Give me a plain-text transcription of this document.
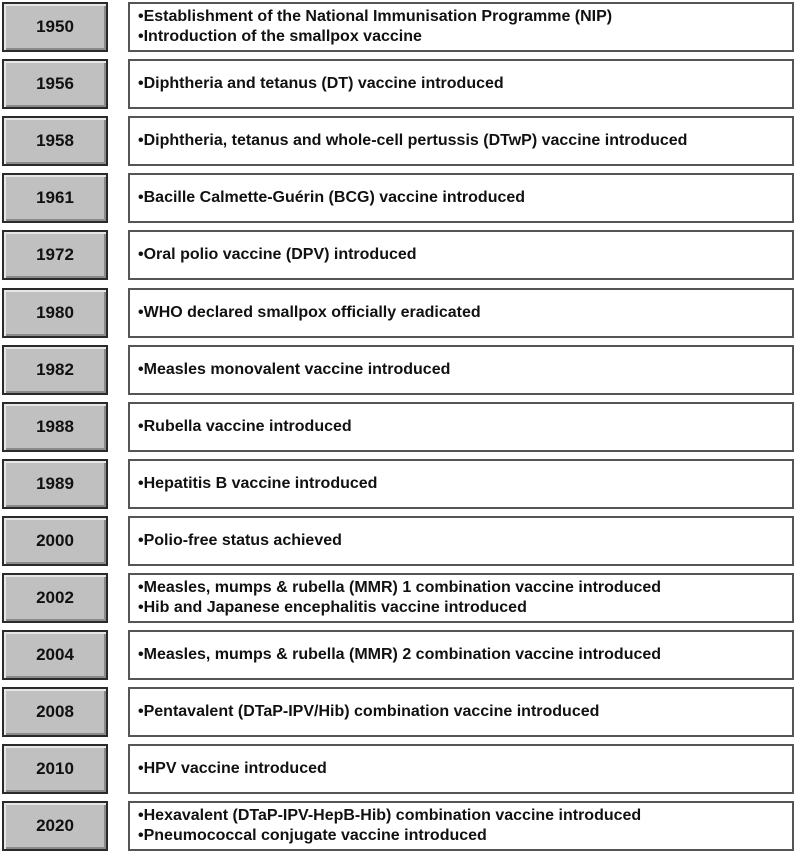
1950
•Establishment of the National Immunisation Programme (NIP)
•Introduction of the smallpox vaccine
1956	•Diphtheria and tetanus (DT) vaccine introduced
1958	•Diphtheria, tetanus and whole-cell pertussis (DTwP) vaccine introduced
1961	•Bacille Calmette-Guérin (BCG) vaccine introduced
1972	•Oral polio vaccine (DPV) introduced
1980	•WHO declared smallpox officially eradicated
1982	•Measles monovalent vaccine introduced
1988	•Rubella vaccine introduced
1989	•Hepatitis B vaccine introduced
2000	•Polio-free status achieved
2002
•Measles, mumps & rubella (MMR) 1 combination vaccine introduced
•Hib and Japanese encephalitis vaccine introduced
2004	•Measles, mumps & rubella (MMR) 2 combination vaccine introduced
2008	•Pentavalent (DTaP-IPV/Hib) combination vaccine introduced
2010	•HPV vaccine introduced
2020
•Hexavalent (DTaP-IPV-HepB-Hib) combination vaccine introduced
•Pneumococcal conjugate vaccine introduced
